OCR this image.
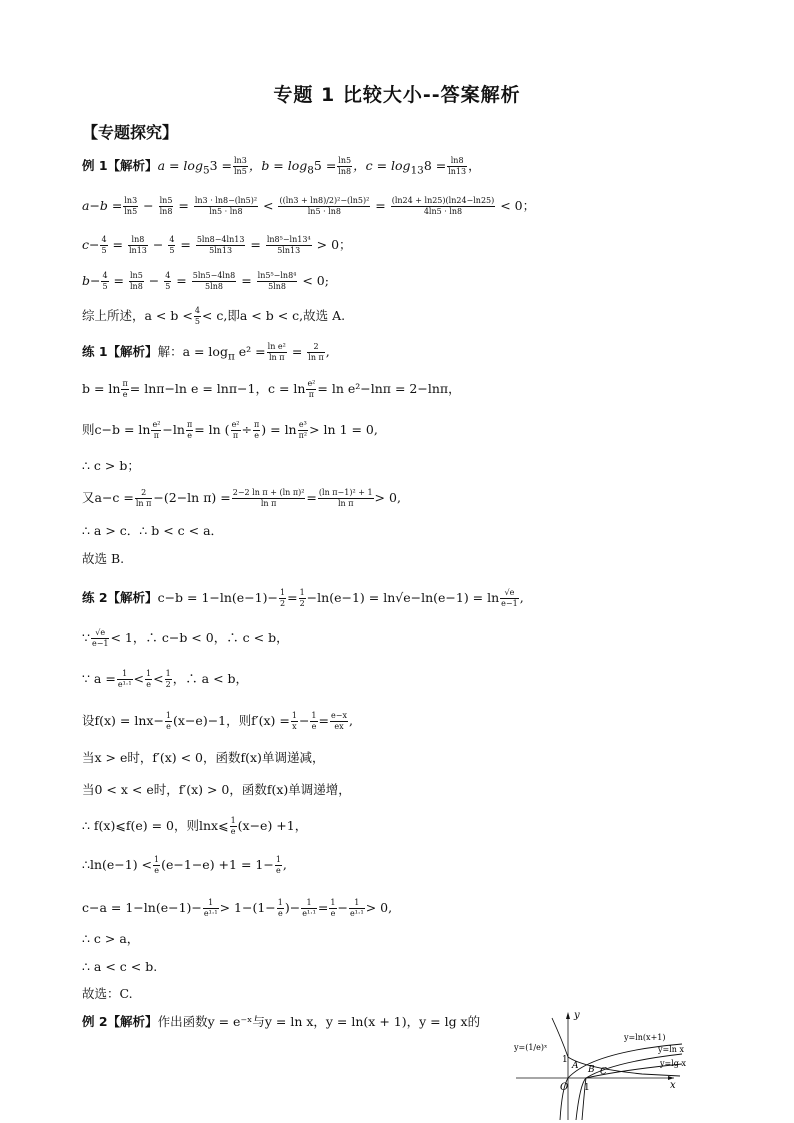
专题 1 比较大小--答案解析
【专题探究】
例 1【解析】$a = \log_53 = \frac{\ln 3}{\ln 5}$ ，$b = \log_85 = \frac{\ln 5}{\ln 8}$ ，$c = \log_{13}8 = \frac{\ln 8}{\ln 13}$ ，
$a-b = \frac{\ln 3}{\ln 5} - \frac{\ln 5}{\ln 8} = \frac{\text{ln3 · ln8−(ln5)²}}{\ln 5 \cdot \ln 8} < \frac{\text{((ln3 + ln8)/2)²−(ln5)²}}{\ln 5 \cdot \ln 8} = \frac{(\ln 24 + \ln 25)(\ln 24-\ln 25)}{4\ln 5 \cdot \ln 8} < 0$；
$c- \frac{4}{5} = \frac{\ln 8}{\ln 13} - \frac{4}{5} = \frac{5\ln 8-4\ln 13}{5\ln 13} = \frac{\text{ln8⁵−ln13⁴}}{5\ln 13} > 0$；
$b- \frac{4}{5} = \frac{\ln 5}{\ln 8} - \frac{4}{5} = \frac{5\ln 5-4\ln 8}{5\ln 8} = \frac{\text{ln5⁵−ln8⁴}}{5\ln 8} < 0$;
综上所述，$a < b < \frac{4}{5} < c$,即a < b < c,故选 A.
练 1【解析】解：$a = \log_\pi e^2 = \frac{\text{ln e²}}{\text{ln π}} = \frac{2}{\text{ln π}}$ ,
$b = \ln \frac{\pi}{e} = \ln\pi-\ln$ e = lnπ−1，$c = \ln \frac{\text{e²}}{\pi} = \ln e^2-\ln\pi = 2-\ln\pi$，
则$c-b = \ln \frac{\text{e²}}{\pi} -\ln \frac{\pi}{e} = \ln$ ( $\frac{\text{e²}}{\pi} \div \frac{\pi}{e}$ ) = $\ln \frac{\text{e³}}{\text{π²}} > \ln 1 = 0$,
∴ c > b；
又$a-c = \frac{2}{\text{ln π}} -(2-\ln$ $\pi) = \frac{\text{2−2 ln π + (ln π)²}}{\text{ln π}} = \frac{\text{(ln π−1)² + 1}}{\text{ln π}} > 0$,
∴ a > c．∴ b < c < a．
故选 B.
练 2【解析】$c-b = 1-\ln(e-1)- \frac{1}{2} = \frac{1}{2} -\ln(e-1) = \ln√e-\ln(e-1) = \ln \frac{√e}{e-1}$ ,
∵ $\frac{√e}{e-1} < 1$，∴ c−b < 0，∴ c < b，
∵ $a = \frac{1}{\text{e¹·¹}} < \frac{1}{e} < \frac{1}{2}$ ，∴ a < b，
设$f(x) = \ln x- \frac{1}{e} (x-e)-1$，则$f'(x) = \frac{1}{x} - \frac{1}{e} = \frac{e-x}{ex}$ ,
当x > e时，f′(x) < 0，函数f(x)单调递减，
当0 < x < e时，f′(x) > 0，函数f(x)单调递增，
∴ f(x)⩽f(e) = 0，则lnx⩽ $\frac{1}{e} (x-e) +1$，
∴ln(e−1) < $\frac{1}{e} (e-1-e) +1 = 1- \frac{1}{e}$ ,
$c-a = 1-\ln(e-1)- \frac{1}{\text{e¹·¹}} > 1-(1- \frac{1}{e}$ )− $\frac{1}{\text{e¹·¹}} = \frac{1}{e} - \frac{1}{\text{e¹·¹}} > 0$,
∴ c > a，
∴ a < c < b.
故选：C.
例 2【解析】作出函数y = e⁻ˣ与y = ln x，y = ln(x + 1)，y = lg x的	y
x
O 1
1
A B C
y=(1/e)ˣ
y=ln(x+1)
y=ln x
y=lg x
